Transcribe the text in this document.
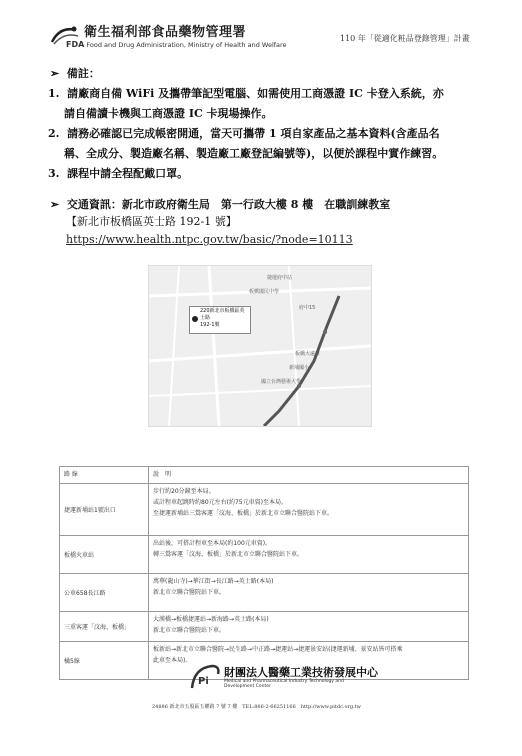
衛生福利部食品藥物管理署
FDA Food and Drug Administration, Ministry of Health and Welfare
110 年「從適化粧品登錄管理」計畫
➢ 備註：
1. 請廠商自備 WiFi 及攜帶筆記型電腦、如需使用工商憑證 IC 卡登入系統，亦
請自備讀卡機與工商憑證 IC 卡現場操作。
2. 請務必確認已完成帳密開通，當天可攜帶 1 項自家產品之基本資料(含產品名
稱、全成分、製造廠名稱、製造廠工廠登記編號等)，以便於課程中實作練習。
3. 課程中請全程配戴口罩。
➢ 交通資訊：新北市政府衛生局　第一行政大樓 8 樓　在職訓練教室
【新北市板橋區英士路 192-1 號】
https://www.health.ntpc.gov.tw/basic/?node=10113
捷運府中站
板橋國民中學
府中15
板橋大遠百
新埔國小
國立台灣藝術大學
220新北市板橋區英士路
192-1號
路 線	說　明
捷運新埔站1號出口	步行約20分鐘至本局。
或計程車起跳時約80元左右(約75元車資)至本局。
至捷運新埔站三鶯客運「汶海、板橋」於新北市立聯合醫院站下車。

板橋火車站	出站後，可搭計程車至本局(約100元車資)。
轉三鶯客運「汶海、板橋」於新北市立聯合醫院站下車。

公車658長江路	萬華(龍山寺)→華江街→長江路→英士路(本局)
新北市立聯合醫院站下車。

三重客運「汶海、板橋」	大漢橋→板橋捷運站→新海路→英士路(本局)
新北市立聯合醫院站下車。

橘5線	板新站→新北市立聯合醫院→民生路→中正路→捷運站→捷運景安站(捷運新埔、景安站皆可搭乘
此車至本局)。
Pi
財團法人醫藥工業技術發展中心
Medical and Pharmaceutical Industry Technology and Development Center
24886 新北市五股區五權路 7 號 7 樓　TEL:886-2-66251166　http://www.pitdc.org.tw
